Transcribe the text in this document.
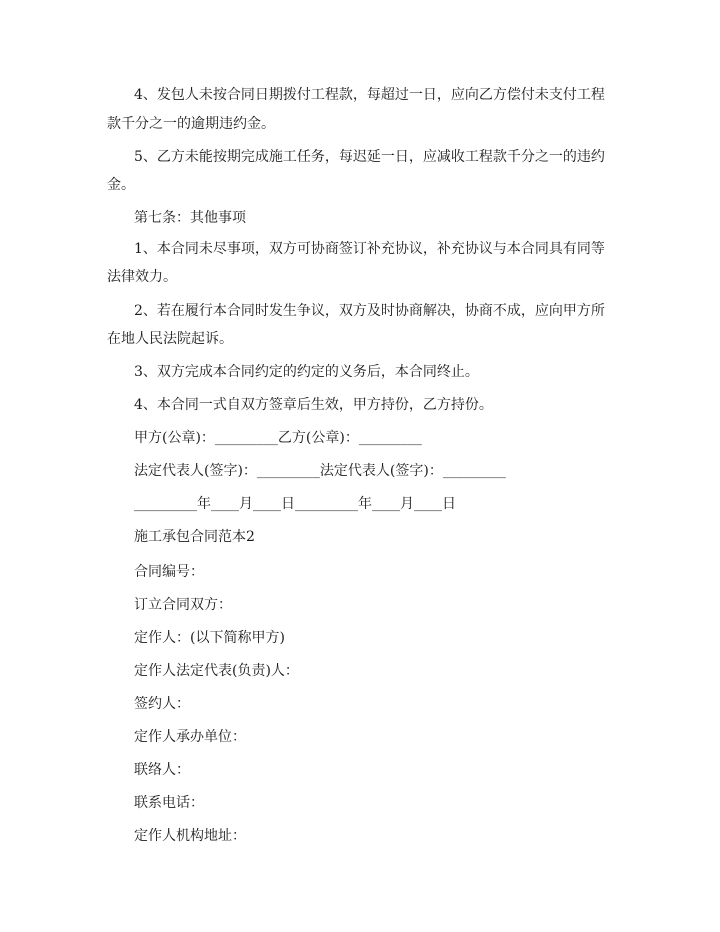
4、发包人未按合同日期拨付工程款，每超过一日，应向乙方偿付未支付工程
款千分之一的逾期违约金。
5、乙方未能按期完成施工任务，每迟延一日，应减收工程款千分之一的违约
金。
第七条：其他事项
1、本合同未尽事项，双方可协商签订补充协议，补充协议与本合同具有同等
法律效力。
2、若在履行本合同时发生争议，双方及时协商解决，协商不成，应向甲方所
在地人民法院起诉。
3、双方完成本合同约定的约定的义务后，本合同终止。
4、本合同一式自双方签章后生效，甲方持份，乙方持份。
甲方(公章)：_________乙方(公章)：_________
法定代表人(签字)：_________法定代表人(签字)：_________
_________年____月____日_________年____月____日
施工承包合同范本2
合同编号：
订立合同双方：
定作人：(以下简称甲方)
定作人法定代表(负责)人：
签约人：
定作人承办单位：
联络人：
联系电话：
定作人机构地址：
